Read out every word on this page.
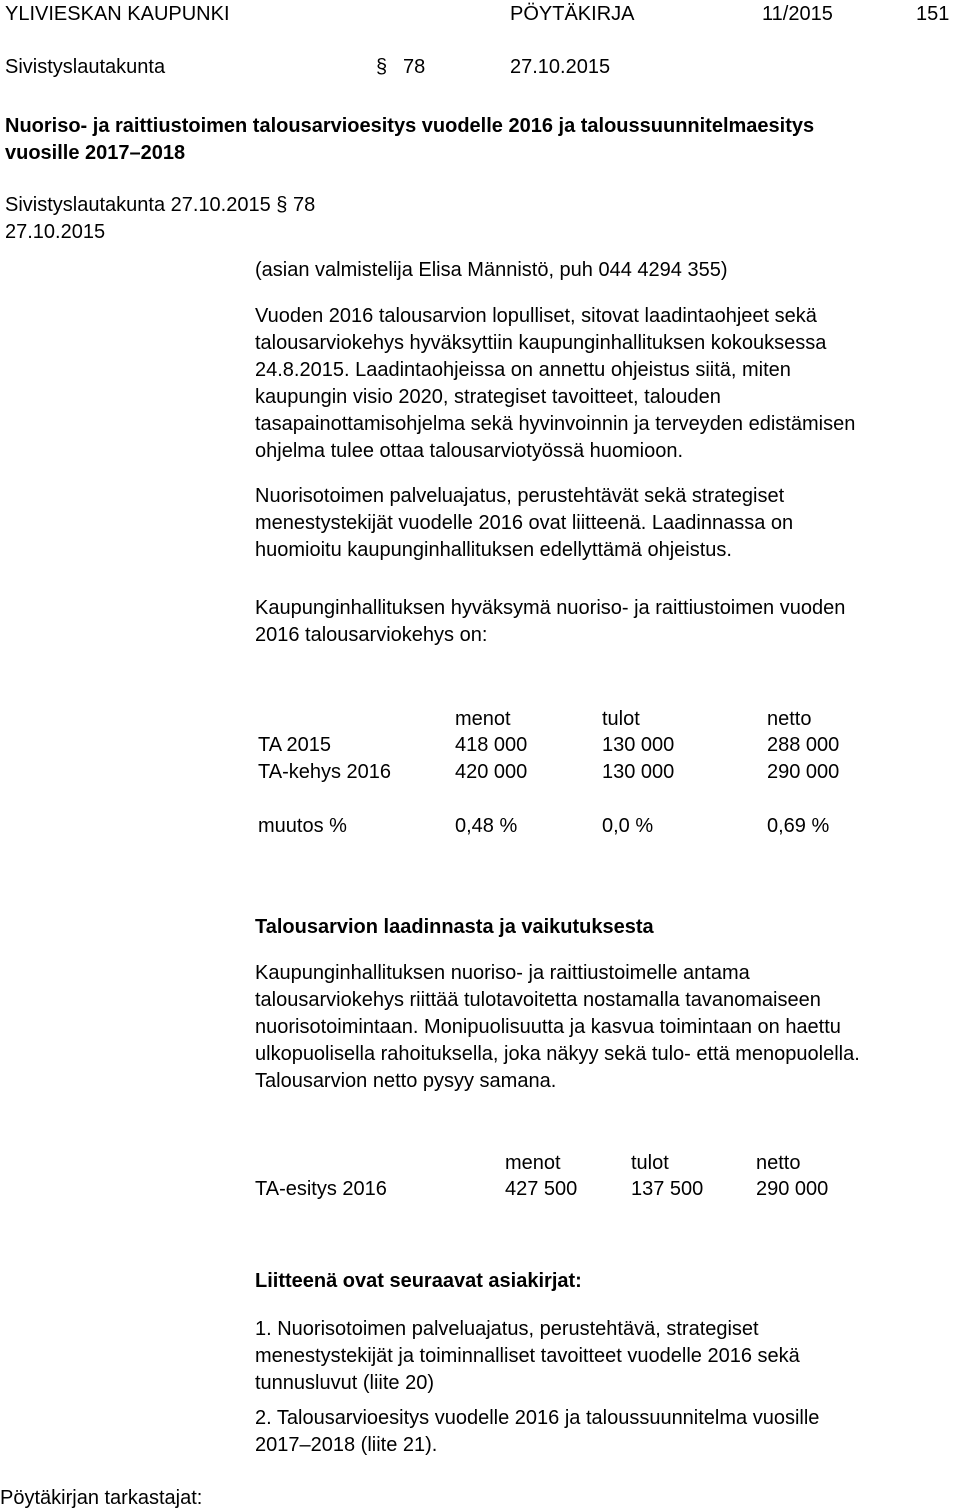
YLIVIESKAN KAUPUNKI	PÖYTÄKIRJA	11/2015	151
Sivistyslautakunta	§ 78	27.10.2015
Nuoriso- ja raittiustoimen talousarvioesitys vuodelle 2016 ja taloussuunnitelmaesitys
vuosille 2017–2018
Sivistyslautakunta 27.10.2015 § 78
27.10.2015

(asian valmistelija Elisa Männistö, puh 044 4294 355)

Vuoden 2016 talousarvion lopulliset, sitovat laadintaohjeet sekä

talousarviokehys hyväksyttiin kaupunginhallituksen kokouksessa

24.8.2015. Laadintaohjeissa on annettu ohjeistus siitä, miten

kaupungin visio 2020, strategiset tavoitteet, talouden

tasapainottamisohjelma sekä hyvinvoinnin ja terveyden edistämisen

ohjelma tulee ottaa talousarviotyössä huomioon.

Nuorisotoimen palveluajatus, perustehtävät sekä strategiset

menestystekijät vuodelle 2016 ovat liitteenä. Laadinnassa on

huomioitu kaupunginhallituksen edellyttämä ohjeistus.

Kaupunginhallituksen hyväksymä nuoriso- ja raittiustoimen vuoden

2016 talousarviokehys on:

menot	tulot	netto
TA 2015	418 000	130 000	288 000
TA-kehys 2016	420 000	130 000	290 000
muutos %	0,48 %	0,0 %	0,69 %

Talousarvion laadinnasta ja vaikutuksesta

Kaupunginhallituksen nuoriso- ja raittiustoimelle antama

talousarviokehys riittää tulotavoitetta nostamalla tavanomaiseen

nuorisotoimintaan. Monipuolisuutta ja kasvua toimintaan on haettu

ulkopuolisella rahoituksella, joka näkyy sekä tulo- että menopuolella.

Talousarvion netto pysyy samana.

menot	tulot	netto
TA-esitys 2016	427 500	137 500	290 000

Liitteenä ovat seuraavat asiakirjat:

1. Nuorisotoimen palveluajatus, perustehtävä, strategiset

menestystekijät ja toiminnalliset tavoitteet vuodelle 2016 sekä

tunnusluvut (liite 20)

2. Talousarvioesitys vuodelle 2016 ja taloussuunnitelma vuosille

2017–2018 (liite 21).

Pöytäkirjan tarkastajat:
